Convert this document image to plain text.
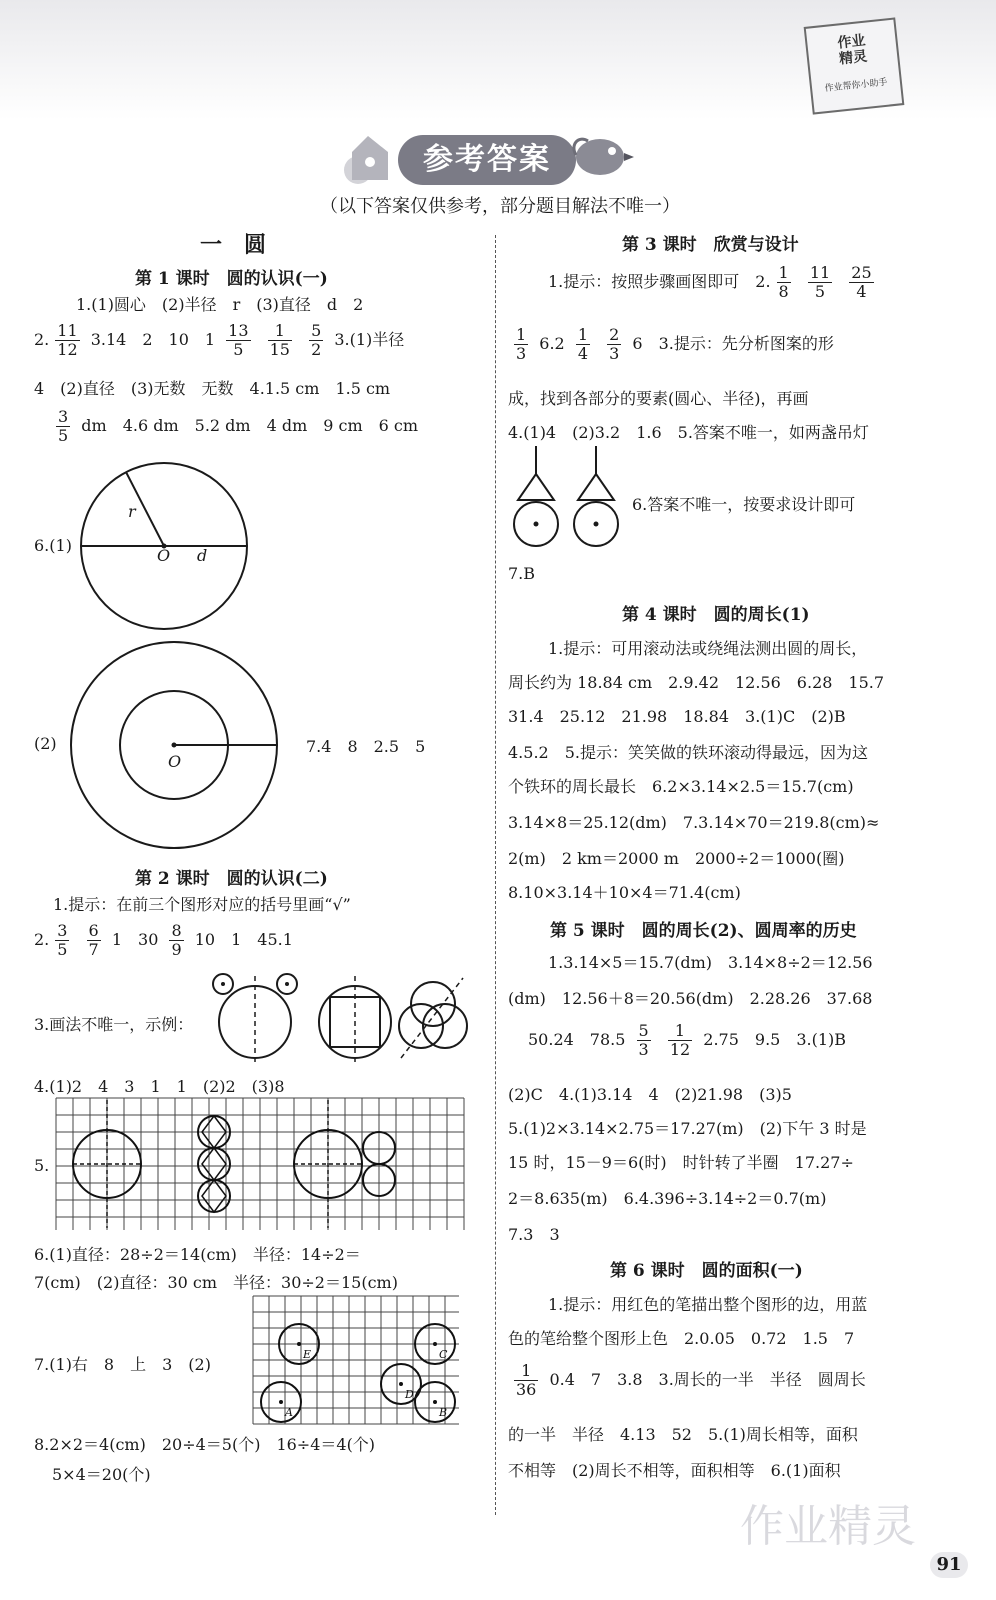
作业
精灵
作业帮你小助手
参考答案
（以下答案仅供参考，部分题目解法不唯一）
一　圆
第 1 课时　圆的认识(一)
1.(1)圆心　(2)半径　r　(3)直径　d　2
2. $\frac{11}{12} 3.14$　2　10　$1 \frac{13}{5}$
$\frac{1}{15}$
$\frac{5}{2} 3.(1)$半径
4　(2)直径　(3)无数　无数　4.1.5 cm　1.5 cm
$\frac{3}{5}$ dm　4.6 dm　5.2 dm　4 dm　9 cm　6 cm
6.(1)
r
O d
(2)
O
7.4　8　2.5　5
第 2 课时　圆的认识(二)
1.提示：在前三个图形对应的括号里画“√”
2. $\frac{3}{5}$
$\frac{6}{7} 1$　$30 \frac{8}{9} 10$　1　45.1
3.画法不唯一，示例：
4.(1)2　4　3　1　1　(2)2　(3)8
5.
6.(1)直径：28÷2＝14(cm)　半径：14÷2＝
7(cm)　(2)直径：30 cm　半径：30÷2＝15(cm)
7.(1)右　8　上　3　(2)
E	C
D
A	B
8.2×2＝4(cm)　20÷4＝5(个)　16÷4＝4(个)
5×4＝20(个)
第 3 课时　欣赏与设计
1.提示：按照步骤画图即可　2. $\frac{1}{8}$
$\frac{11}{5}$
$\frac{25}{4}$
$\frac{1}{3} 6.2 \frac{1}{4}$
$\frac{2}{3} 6$　3.提示：先分析图案的形
成，找到各部分的要素(圆心、半径)，再画
4.(1)4　(2)3.2　1.6　5.答案不唯一，如两盏吊灯
6.答案不唯一，按要求设计即可
7.B
第 4 课时　圆的周长(1)
1.提示：可用滚动法或绕绳法测出圆的周长，
周长约为 18.84 cm　2.9.42　12.56　6.28　15.7
31.4　25.12　21.98　18.84　3.(1)C　(2)B
4.5.2　5.提示：笑笑做的铁环滚动得最远，因为这
个铁环的周长最长　6.2×3.14×2.5＝15.7(cm)
3.14×8＝25.12(dm)　7.3.14×70＝219.8(cm)≈
2(m)　2 km＝2000 m　2000÷2＝1000(圈)
8.10×3.14＋10×4＝71.4(cm)
第 5 课时　圆的周长(2)、圆周率的历史
1.3.14×5＝15.7(dm)　3.14×8÷2＝12.56
(dm)　12.56＋8＝20.56(dm)　2.28.26　37.68
50.24　$78.5 \frac{5}{3}$
$\frac{1}{12} 2.75$　9.5　3.(1)B
(2)C　4.(1)3.14　4　(2)21.98　(3)5
5.(1)2×3.14×2.75＝17.27(m)　(2)下午 3 时是
15 时，15－9＝6(时)　时针转了半圈　17.27÷
2＝8.635(m)　6.4.396÷3.14÷2＝0.7(m)
7.3　3
第 6 课时　圆的面积(一)
1.提示：用红色的笔描出整个图形的边，用蓝
色的笔给整个图形上色　2.0.05　0.72　1.5　7
$\frac{1}{36} 0.4$　7　3.8　3.周长的一半　半径　圆周长
的一半　半径　4.13　52　5.(1)周长相等，面积
不相等　(2)周长不相等，面积相等　6.(1)面积
作业精灵
91
